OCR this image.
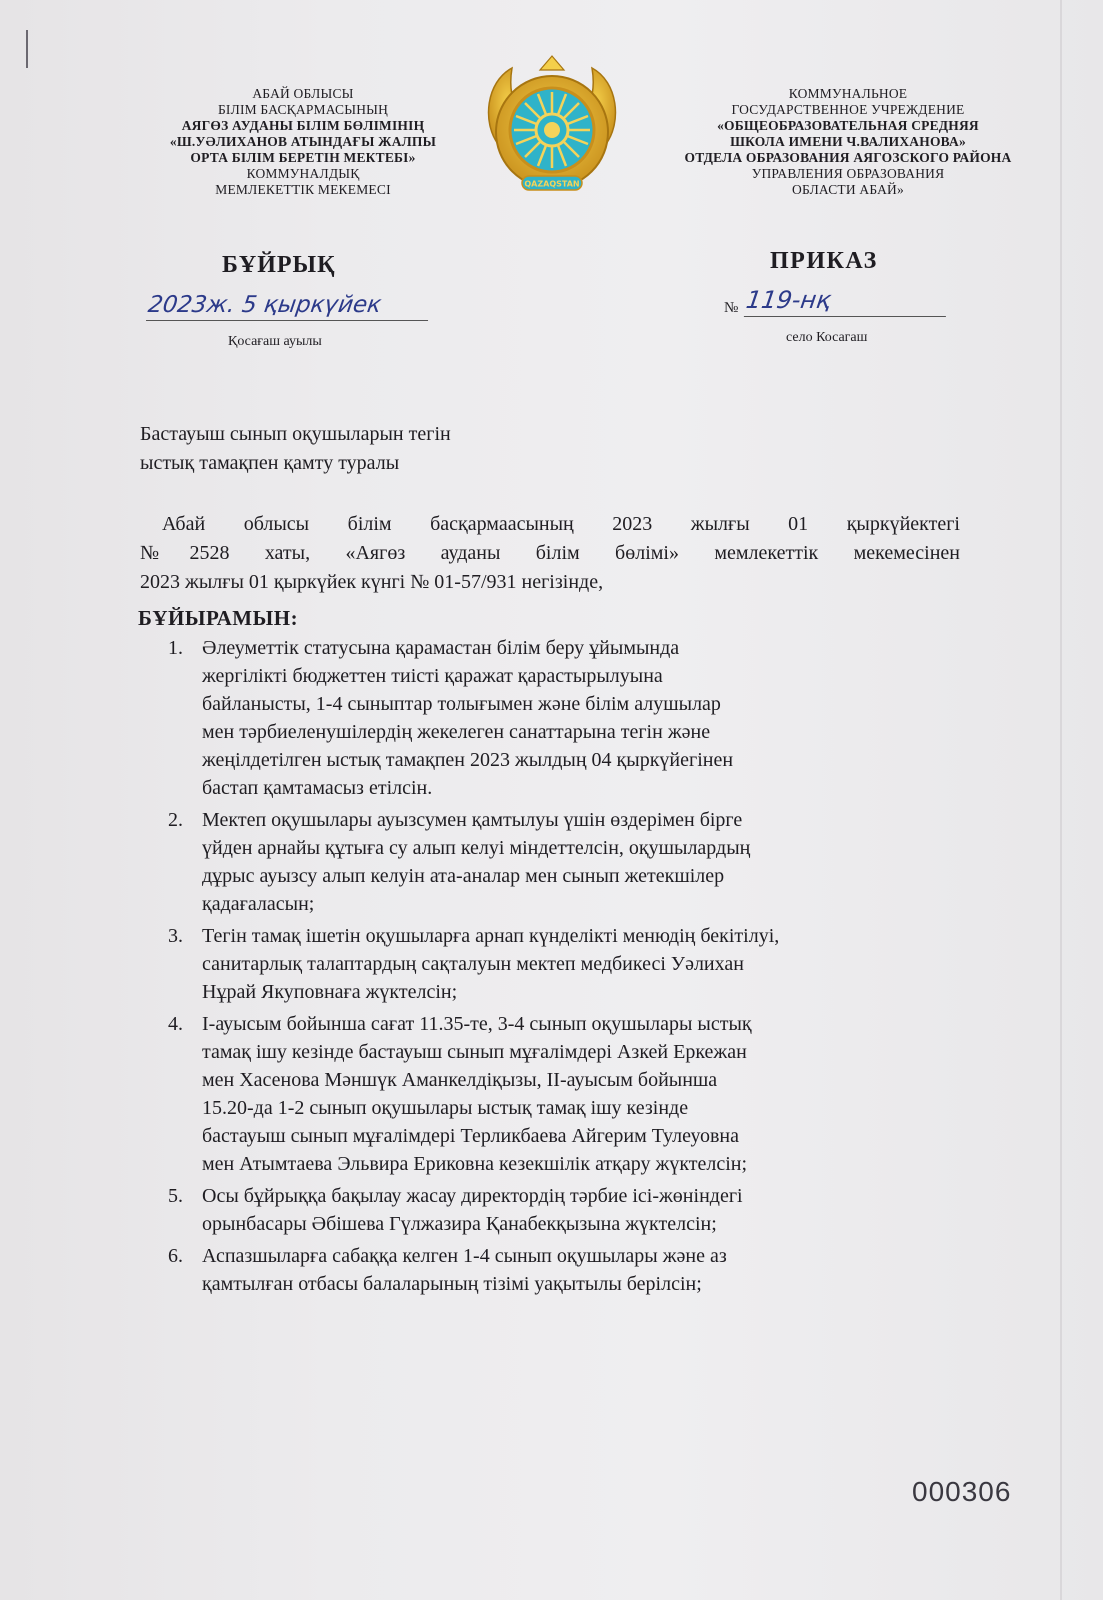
АБАЙ ОБЛЫСЫ
БІЛІМ БАСҚАРМАСЫНЫҢ
АЯГӨЗ АУДАНЫ БІЛІМ БӨЛІМІНІҢ
«Ш.УӘЛИХАНОВ АТЫНДАҒЫ ЖАЛПЫ
ОРТА БІЛІМ БЕРЕТІН МЕКТЕБІ»
КОММУНАЛДЫҚ
МЕМЛЕКЕТТІК МЕКЕМЕСІ	QAZAQSTAN
КОММУНАЛЬНОЕ
ГОСУДАРСТВЕННОЕ УЧРЕЖДЕНИЕ
«ОБЩЕОБРАЗОВАТЕЛЬНАЯ СРЕДНЯЯ
ШКОЛА ИМЕНИ Ч.ВАЛИХАНОВА»
ОТДЕЛА ОБРАЗОВАНИЯ АЯГОЗСКОГО РАЙОНА
УПРАВЛЕНИЯ ОБРАЗОВАНИЯ
ОБЛАСТИ АБАЙ»
БҰЙРЫҚ	ПРИКАЗ
2023ж. 5 қыркүйек
Қосағаш ауылы
№ 119-нқ
село Косагаш
Бастауыш сынып оқушыларын тегін
ыстық тамақпен қамту туралы
Абай облысы білім басқармаасының 2023 жылғы 01 қыркүйектегі
№2528 хаты, «Аягөз ауданы білім бөлімі» мемлекеттік мекемесінен
2023 жылғы 01 қыркүйек күнгі № 01-57/931 негізінде,
БҰЙЫРАМЫН:
1. Әлеуметтік статусына қарамастан білім беру ұйымында
жергілікті бюджеттен тиісті қаражат қарастырылуына
байланысты, 1-4 сыныптар толығымен және білім алушылар
мен тәрбиеленушілердің жекелеген санаттарына тегін және
жеңілдетілген ыстық тамақпен 2023 жылдың 04 қыркүйегінен
бастап қамтамасыз етілсін.
2. Мектеп оқушылары ауызсумен қамтылуы үшін өздерімен бірге
үйден арнайы құтыға су алып келуі міндеттелсін, оқушылардың
дұрыс ауызсу алып келуін ата-аналар мен сынып жетекшілер
қадағаласын;
3. Тегін тамақ ішетін оқушыларға арнап күнделікті менюдің бекітілуі,
санитарлық талаптардың сақталуын мектеп медбикесі Уәлихан
Нұрай Якуповнаға жүктелсін;
4. І-ауысым бойынша сағат 11.35-те, 3-4 сынып оқушылары ыстық
тамақ ішу кезінде бастауыш сынып мұғалімдері Азкей Еркежан
мен Хасенова Мәншүк Аманкелдіқызы, ІІ-ауысым бойынша
15.20-да 1-2 сынып оқушылары ыстық тамақ ішу кезінде
бастауыш сынып мұғалімдері Терликбаева Айгерим Тулеуовна
мен Атымтаева Эльвира Ериковна кезекшілік атқару жүктелсін;
5. Осы бұйрыққа бақылау жасау директордің тәрбие ісі-жөніндегі
орынбасары Әбішева Гүлжазира Қанабекқызына жүктелсін;
6. Аспазшыларға сабаққа келген 1-4 сынып оқушылары және аз
қамтылған отбасы балаларының тізімі уақытылы берілсін;
000306
